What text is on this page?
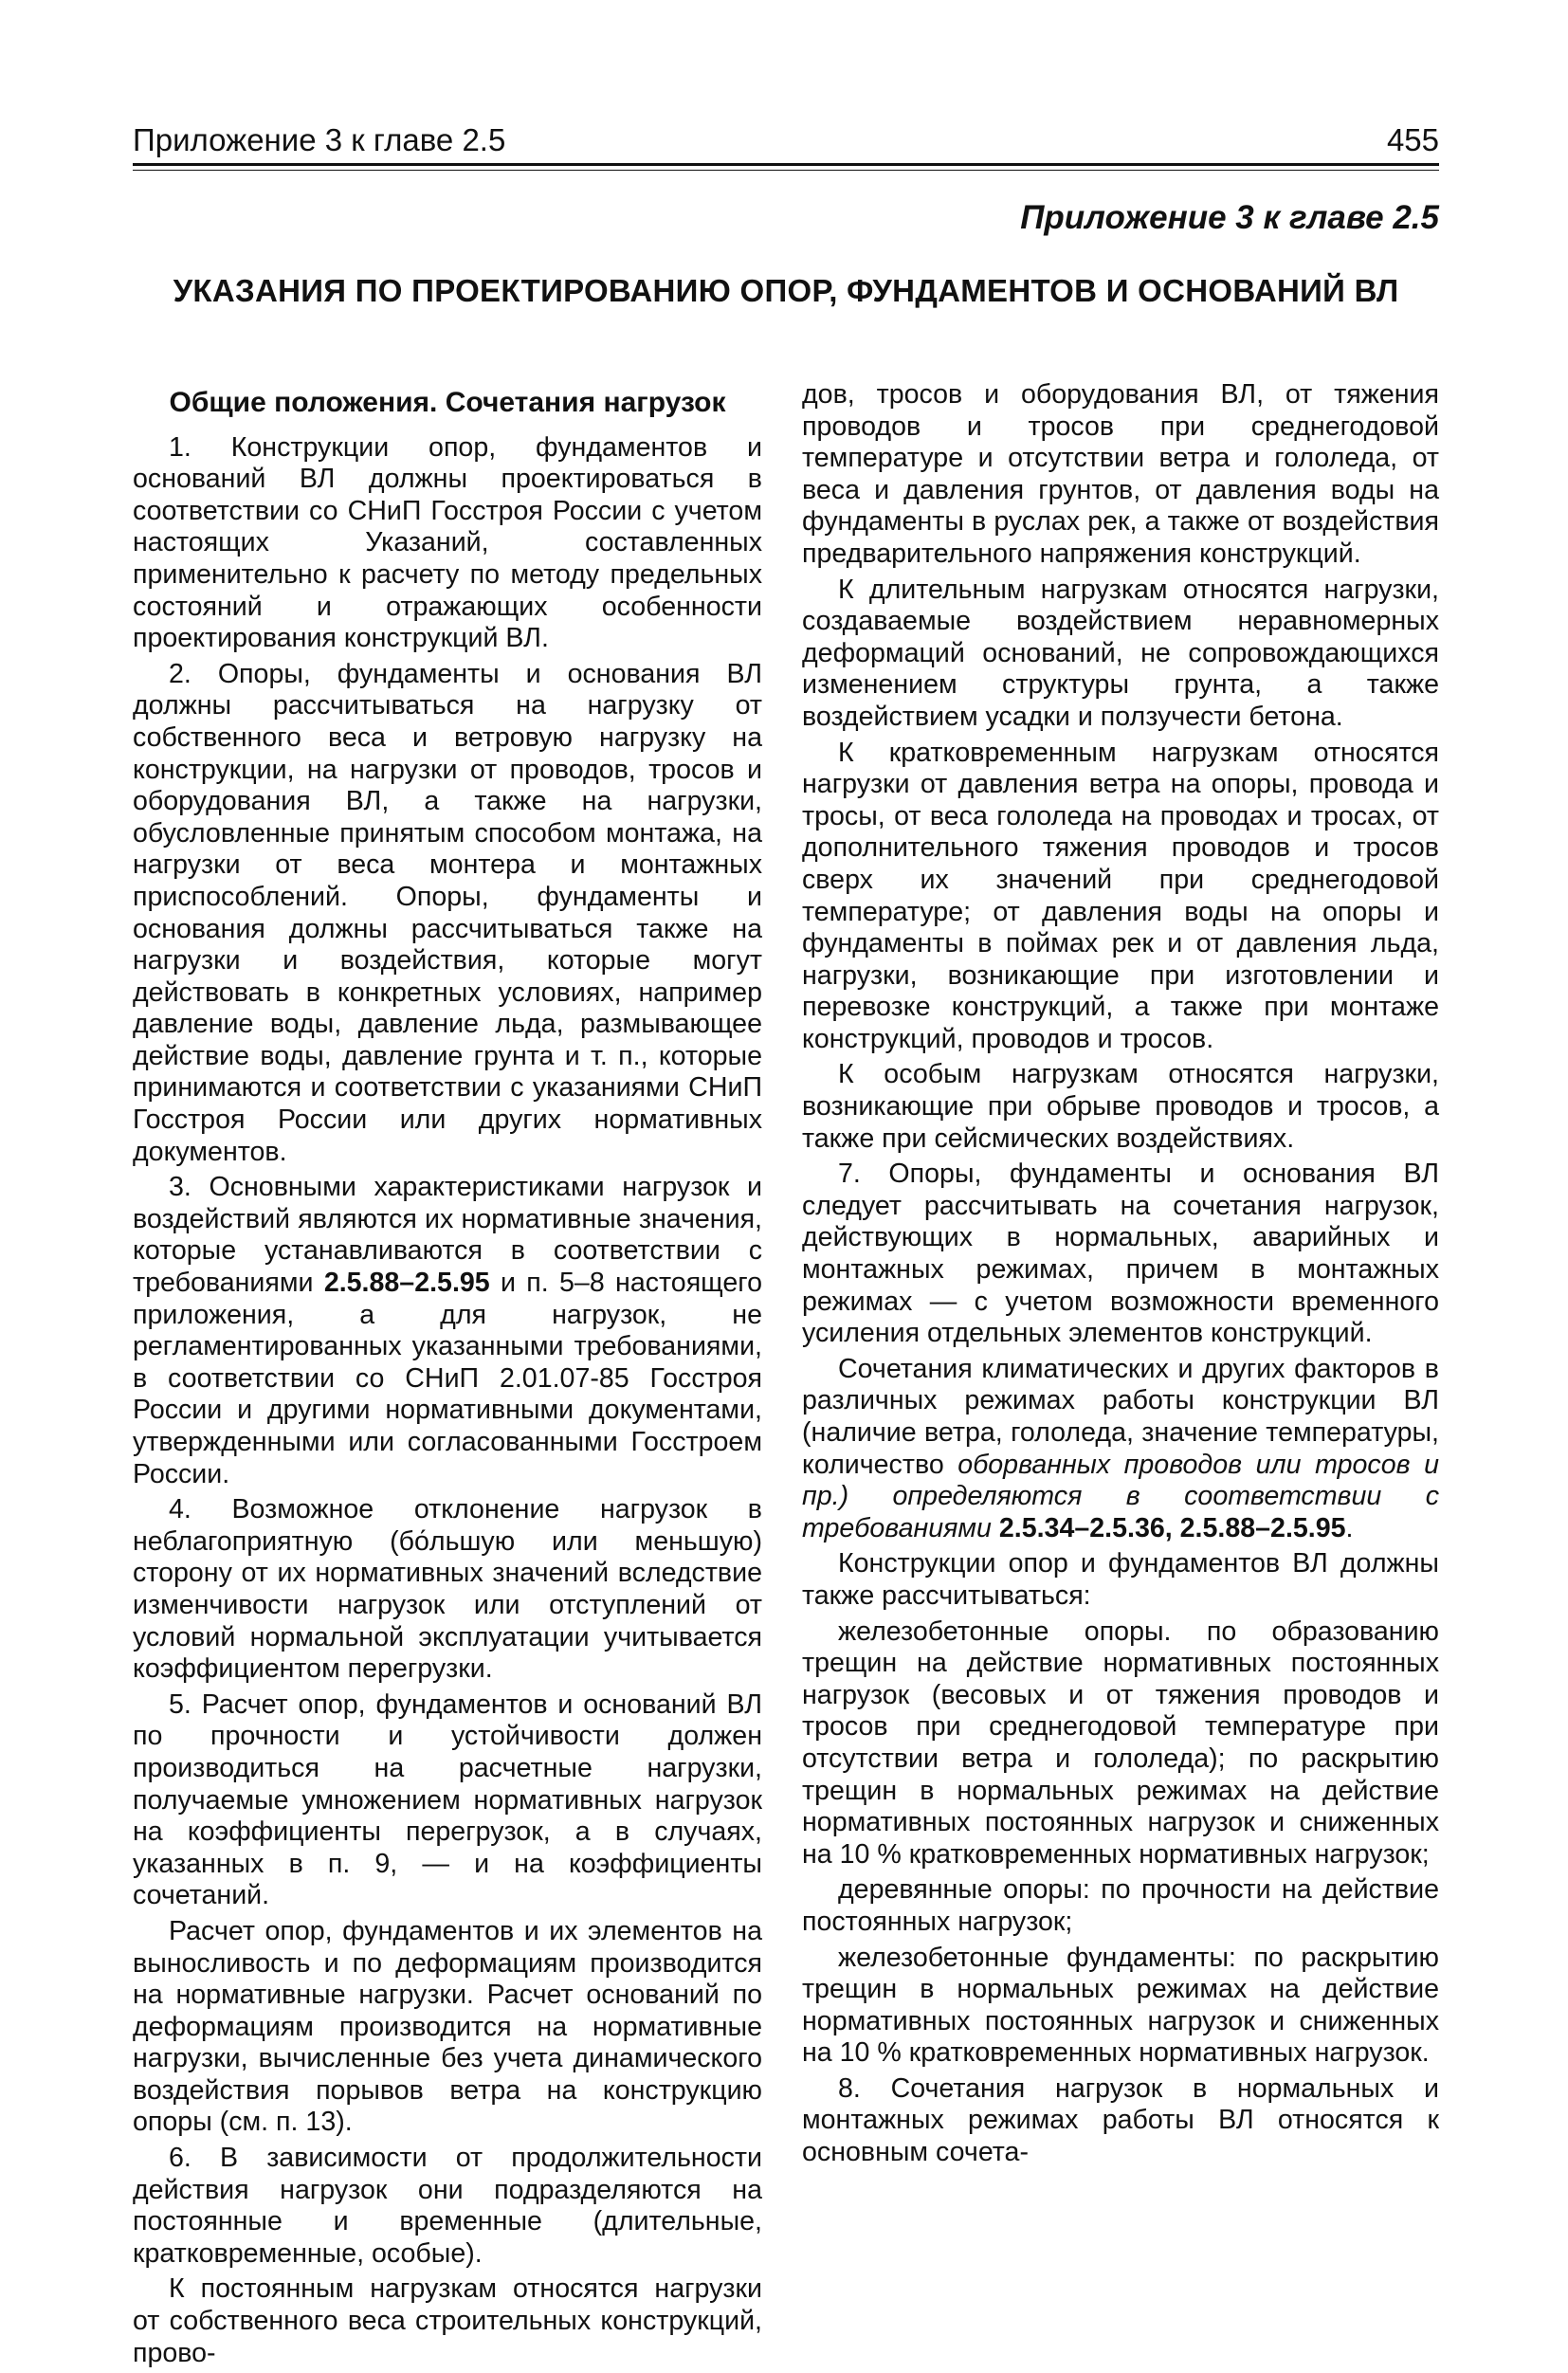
Приложение 3 к главе 2.5	455
Приложение 3 к главе 2.5
УКАЗАНИЯ ПО ПРОЕКТИРОВАНИЮ ОПОР, ФУНДАМЕНТОВ И ОСНОВАНИЙ ВЛ
Общие положения. Сочетания нагрузок

1. Конструкции опор, фундаментов и оснований ВЛ должны проектироваться в соответствии со СНиП Госстроя России с учетом настоящих Указаний, составленных применительно к расчету по методу предельных состояний и отражающих особенности проектирования конструкций ВЛ.

2. Опоры, фундаменты и основания ВЛ должны рассчитываться на нагрузку от собственного веса и ветровую нагрузку на конструкции, на нагрузки от проводов, тросов и оборудования ВЛ, а также на нагрузки, обусловленные принятым способом монтажа, на нагрузки от веса монтера и монтажных приспособлений. Опоры, фундаменты и основания должны рассчитываться также на нагрузки и воздействия, которые могут действовать в конкретных условиях, например давление воды, давление льда, размывающее действие воды, давление грунта и т. п., которые принимаются и соответствии с указаниями СНиП Госстроя России или других нормативных документов.

3. Основными характеристиками нагрузок и воздействий являются их нормативные значения, которые устанавливаются в соответствии с требованиями 2.5.88–2.5.95 и п. 5–8 настоящего приложения, а для нагрузок, не регламентированных указанными требованиями, в соответствии со СНиП 2.01.07-85 Госстроя России и другими нормативными документами, утвержденными или согласованными Госстроем России.

4. Возможное отклонение нагрузок в неблагоприятную (бо́льшую или меньшую) сторону от их нормативных значений вследствие изменчивости нагрузок или отступлений от условий нормальной эксплуатации учитывается коэффициентом перегрузки.

5. Расчет опор, фундаментов и оснований ВЛ по прочности и устойчивости должен производиться на расчетные нагрузки, получаемые умножением нормативных нагрузок на коэффициенты перегрузок, а в случаях, указанных в п. 9, — и на коэффициенты сочетаний.

Расчет опор, фундаментов и их элементов на выносливость и по деформациям производится на нормативные нагрузки. Расчет оснований по деформациям производится на нормативные нагрузки, вычисленные без учета динамического воздействия порывов ветра на конструкцию опоры (см. п. 13).

6. В зависимости от продолжительности действия нагрузок они подразделяются на постоянные и временные (длительные, кратковременные, особые).

К постоянным нагрузкам относятся нагрузки от собственного веса строительных конструкций, прово-

дов, тросов и оборудования ВЛ, от тяжения проводов и тросов при среднегодовой температуре и отсутствии ветра и гололеда, от веса и давления грунтов, от давления воды на фундаменты в руслах рек, а также от воздействия предварительного напряжения конструкций.

К длительным нагрузкам относятся нагрузки, создаваемые воздействием неравномерных деформаций оснований, не сопровождающихся изменением структуры грунта, а также воздействием усадки и ползучести бетона.

К кратковременным нагрузкам относятся нагрузки от давления ветра на опоры, провода и тросы, от веса гололеда на проводах и тросах, от дополнительного тяжения проводов и тросов сверх их значений при среднегодовой температуре; от давления воды на опоры и фундаменты в поймах рек и от давления льда, нагрузки, возникающие при изготовлении и перевозке конструкций, а также при монтаже конструкций, проводов и тросов.

К особым нагрузкам относятся нагрузки, возникающие при обрыве проводов и тросов, а также при сейсмических воздействиях.

7. Опоры, фундаменты и основания ВЛ следует рассчитывать на сочетания нагрузок, действующих в нормальных, аварийных и монтажных режимах, причем в монтажных режимах — с учетом возможности временного усиления отдельных элементов конструкций.

Сочетания климатических и других факторов в различных режимах работы конструкции ВЛ (наличие ветра, гололеда, значение температуры, количество оборванных проводов или тросов и пр.) определяются в соответствии с требованиями 2.5.34–2.5.36, 2.5.88–2.5.95.

Конструкции опор и фундаментов ВЛ должны также рассчитываться:

железобетонные опоры. по образованию трещин на действие нормативных постоянных нагрузок (весовых и от тяжения проводов и тросов при среднегодовой температуре при отсутствии ветра и гололеда); по раскрытию трещин в нормальных режимах на действие нормативных постоянных нагрузок и сниженных на 10 % кратковременных нормативных нагрузок;

деревянные опоры: по прочности на действие постоянных нагрузок;

железобетонные фундаменты: по раскрытию трещин в нормальных режимах на действие нормативных постоянных нагрузок и сниженных на 10 % кратковременных нормативных нагрузок.

8. Сочетания нагрузок в нормальных и монтажных режимах работы ВЛ относятся к основным сочета-
